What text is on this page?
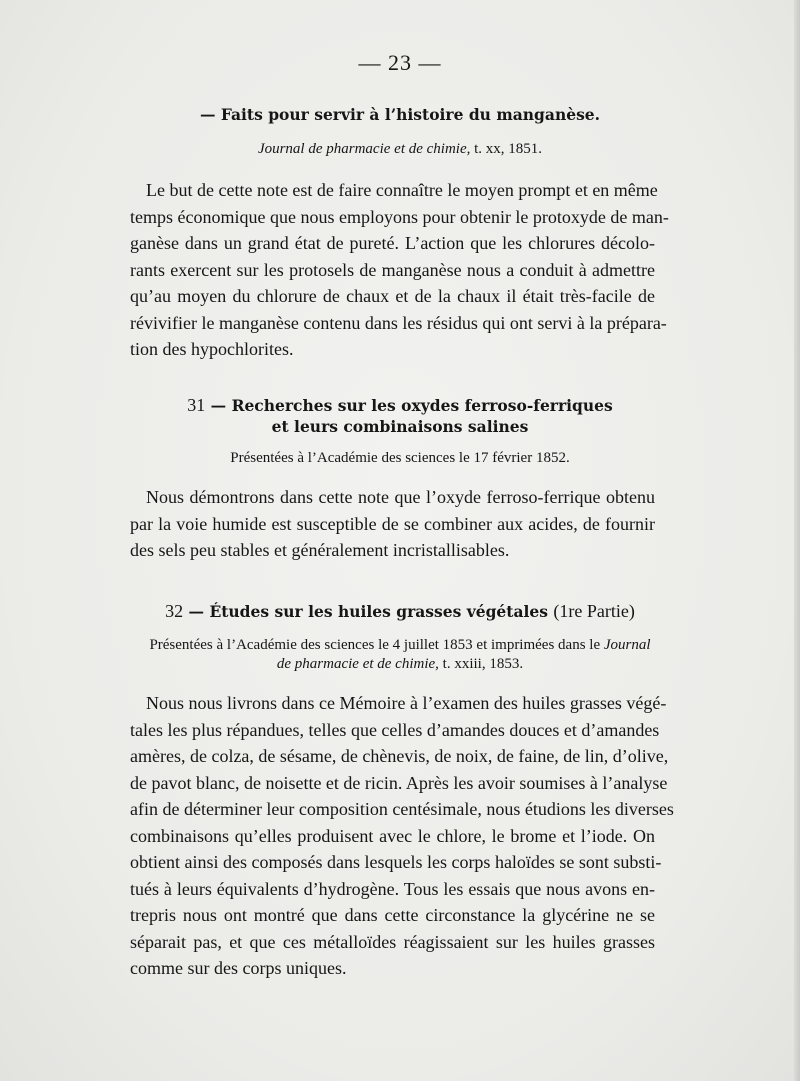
— 23 —
— Faits pour servir à l’histoire du manganèse.
Journal de pharmacie et de chimie, t. xx, 1851.
Le but de cette note est de faire connaître le moyen prompt et en même
temps économique que nous employons pour obtenir le protoxyde de man-
ganèse dans un grand état de pureté. L’action que les chlorures décolo-
rants exercent sur les protosels de manganèse nous a conduit à admettre
qu’au moyen du chlorure de chaux et de la chaux il était très-facile de
révivifier le manganèse contenu dans les résidus qui ont servi à la prépara-
tion des hypochlorites.
31 — Recherches sur les oxydes ferroso-ferriques
et leurs combinaisons salines
Présentées à l’Académie des sciences le 17 février 1852.
Nous démontrons dans cette note que l’oxyde ferroso-ferrique obtenu
par la voie humide est susceptible de se combiner aux acides, de fournir
des sels peu stables et généralement incristallisables.
32 — Études sur les huiles grasses végétales (1re Partie)
Présentées à l’Académie des sciences le 4 juillet 1853 et imprimées dans le Journal
de pharmacie et de chimie, t. xxiii, 1853.
Nous nous livrons dans ce Mémoire à l’examen des huiles grasses végé-
tales les plus répandues, telles que celles d’amandes douces et d’amandes
amères, de colza, de sésame, de chènevis, de noix, de faine, de lin, d’olive,
de pavot blanc, de noisette et de ricin. Après les avoir soumises à l’analyse
afin de déterminer leur composition centésimale, nous étudions les diverses
combinaisons qu’elles produisent avec le chlore, le brome et l’iode. On
obtient ainsi des composés dans lesquels les corps haloïdes se sont substi-
tués à leurs équivalents d’hydrogène. Tous les essais que nous avons en-
trepris nous ont montré que dans cette circonstance la glycérine ne se
séparait pas, et que ces métalloïdes réagissaient sur les huiles grasses
comme sur des corps uniques.
